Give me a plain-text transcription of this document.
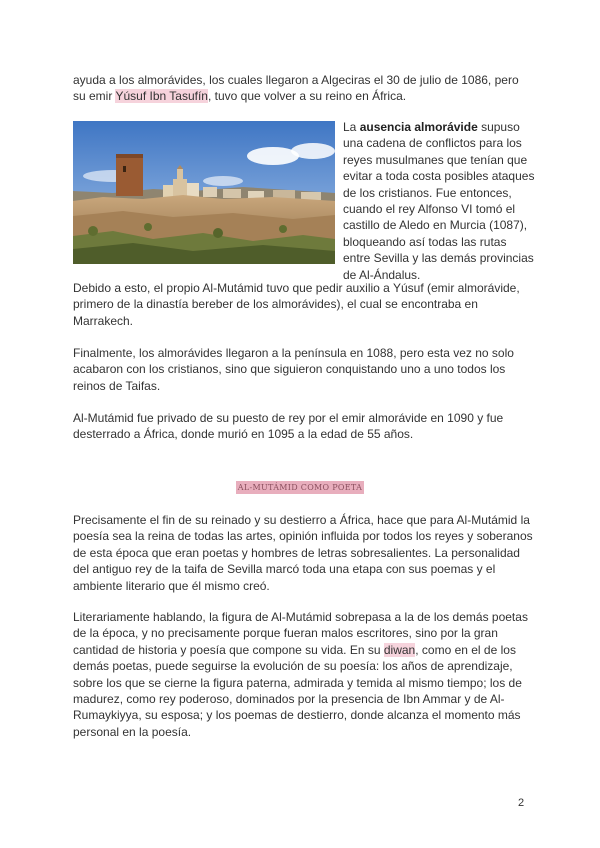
ayuda a los almorávides, los cuales llegaron a Algeciras el 30 de julio de 1086, pero su emir Yúsuf Ibn Tasufín, tuvo que volver a su reino en África.

La ausencia almorávide supuso una cadena de conflictos para los reyes musulmanes que tenían que evitar a toda costa posibles ataques de los cristianos. Fue entonces, cuando el rey Alfonso VI tomó el castillo de Aledo en Murcia (1087), bloqueando así todas las rutas entre Sevilla y las demás provincias de Al-Ándalus.

Debido a esto, el propio Al-Mutámid tuvo que pedir auxilio a Yúsuf (emir almorávide, primero de la dinastía bereber de los almorávides), el cual se encontraba en Marrakech.

Finalmente, los almorávides llegaron a la península en 1088, pero esta vez no solo acabaron con los cristianos, sino que siguieron conquistando uno a uno todos los reinos de Taifas.

Al-Mutámid fue privado de su puesto de rey por el emir almorávide en 1090 y fue desterrado a África, donde murió en 1095 a la edad de 55 años.

AL-MUTÁMID COMO POETA

Precisamente el fin de su reinado y su destierro a África, hace que para Al-Mutámid la poesía sea la reina de todas las artes, opinión influida por todos los reyes y soberanos de esta época que eran poetas y hombres de letras sobresalientes. La personalidad del antiguo rey de la taifa de Sevilla marcó toda una etapa con sus poemas y el ambiente literario que él mismo creó.

Literariamente hablando, la figura de Al-Mutámid sobrepasa a la de los demás poetas de la época, y no precisamente porque fueran malos escritores, sino por la gran cantidad de historia y poesía que compone su vida. En su diwan, como en el de los demás poetas, puede seguirse la evolución de su poesía: los años de aprendizaje, sobre los que se cierne la figura paterna, admirada y temida al mismo tiempo; los de madurez, como rey poderoso, dominados por la presencia de Ibn Ammar y de Al-Rumaykiyya, su esposa; y los poemas de destierro, donde alcanza el momento más personal en la poesía.

2
